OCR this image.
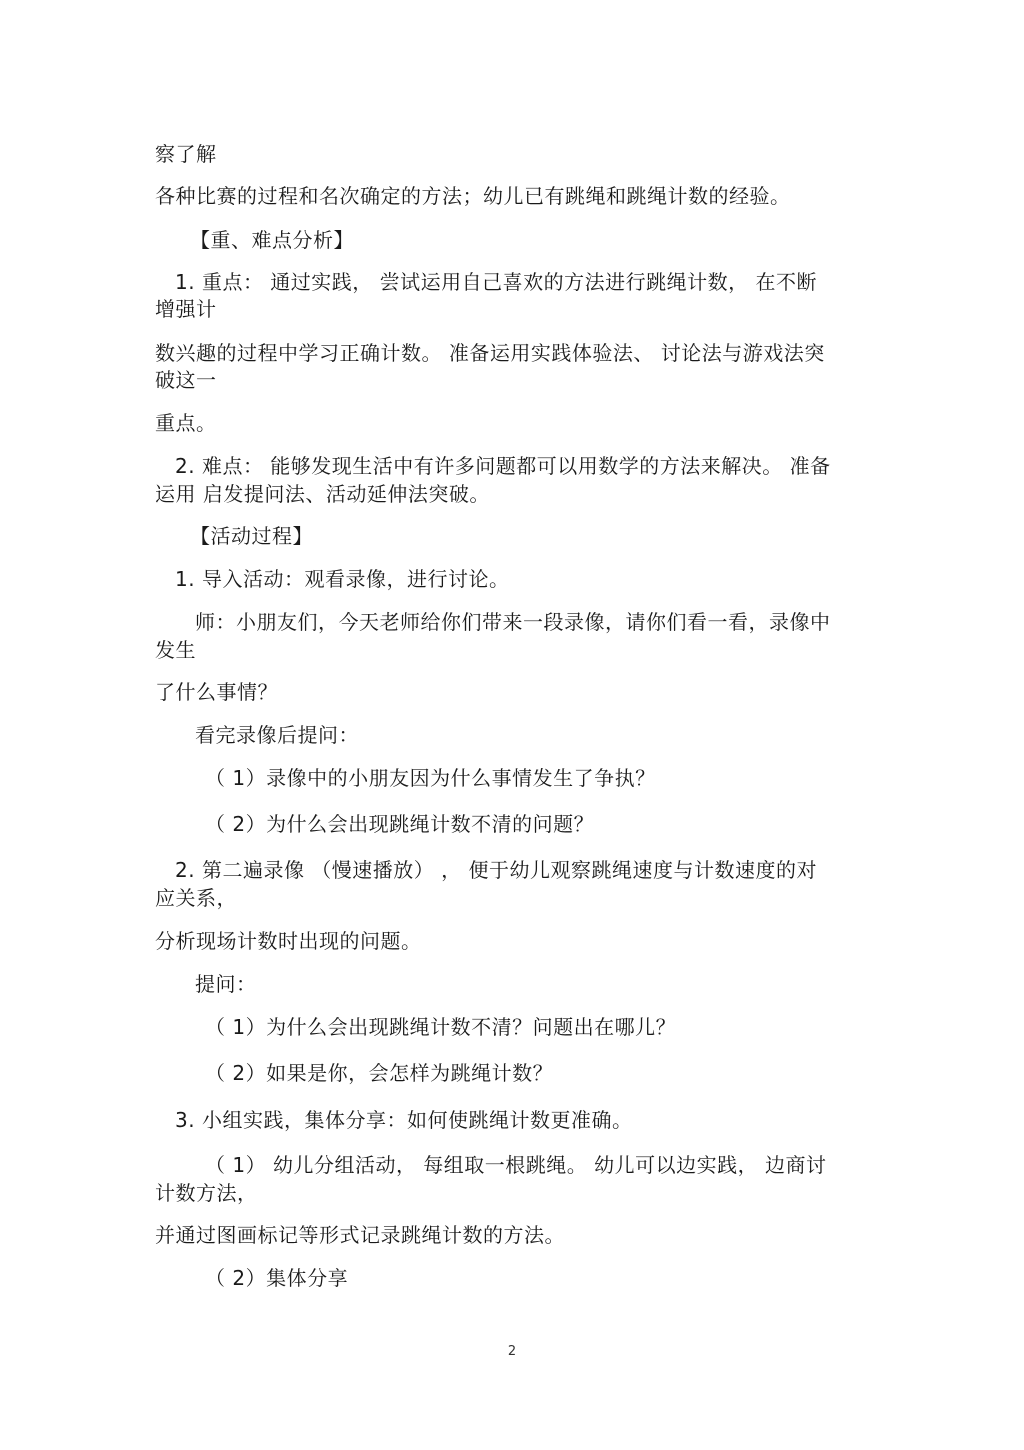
察了解

各种比赛的过程和名次确定的方法；幼儿已有跳绳和跳绳计数的经验。

【重、难点分析】

1. 重点： 通过实践， 尝试运用自己喜欢的方法进行跳绳计数， 在不断

增强计

数兴趣的过程中学习正确计数。 准备运用实践体验法、 讨论法与游戏法突

破这一

重点。

2. 难点： 能够发现生活中有许多问题都可以用数学的方法来解决。 准备

运用 启发提问法、活动延伸法突破。

【活动过程】

1. 导入活动：观看录像，进行讨论。

师：小朋友们，今天老师给你们带来一段录像，请你们看一看，录像中

发生

了什么事情？

看完录像后提问：

（ 1）录像中的小朋友因为什么事情发生了争执？

（ 2）为什么会出现跳绳计数不清的问题？

2. 第二遍录像 （慢速播放） ， 便于幼儿观察跳绳速度与计数速度的对

应关系，

分析现场计数时出现的问题。

提问：

（ 1）为什么会出现跳绳计数不清？问题出在哪儿？

（ 2）如果是你，会怎样为跳绳计数？

3. 小组实践，集体分享：如何使跳绳计数更准确。

（ 1） 幼儿分组活动， 每组取一根跳绳。 幼儿可以边实践， 边商讨

计数方法，

并通过图画标记等形式记录跳绳计数的方法。

（ 2）集体分享

2
